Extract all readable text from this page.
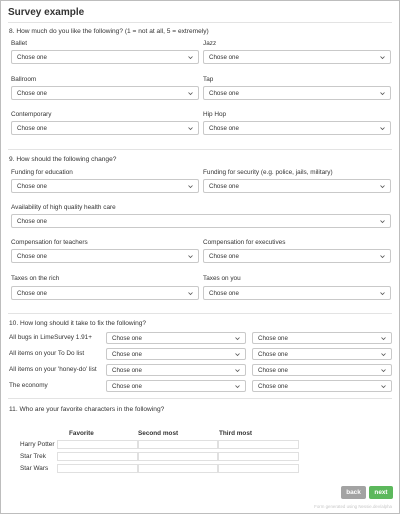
Survey example
8. How much do you like the following? (1 = not at all, 5 = extremely)
Ballet
Chose one
Jazz
Chose one
Ballroom
Chose one
Tap
Chose one
Contemporary
Chose one
Hip Hop
Chose one
9. How should the following change?
Funding for education
Chose one
Funding for security (e.g. police, jails, military)
Chose one
Availability of high quality health care
Chose one
Compensation for teachers
Chose one
Compensation for executives
Chose one
Taxes on the rich
Chose one
Taxes on you
Chose one
10. How long should it take to fix the following?
All bugs in LimeSurvey 1.91+	Chose one	Chose one
All items on your To Do list	Chose one	Chose one
All items on your 'honey-do' list Chose one	Chose one
The economy	Chose one	Chose one
11. Who are your favorite characters in the following?
Favorite	Second most	Third most
Harry Potter
Star Trek
Star Wars
back	next
Form generated using Nessie.dev/alpha
